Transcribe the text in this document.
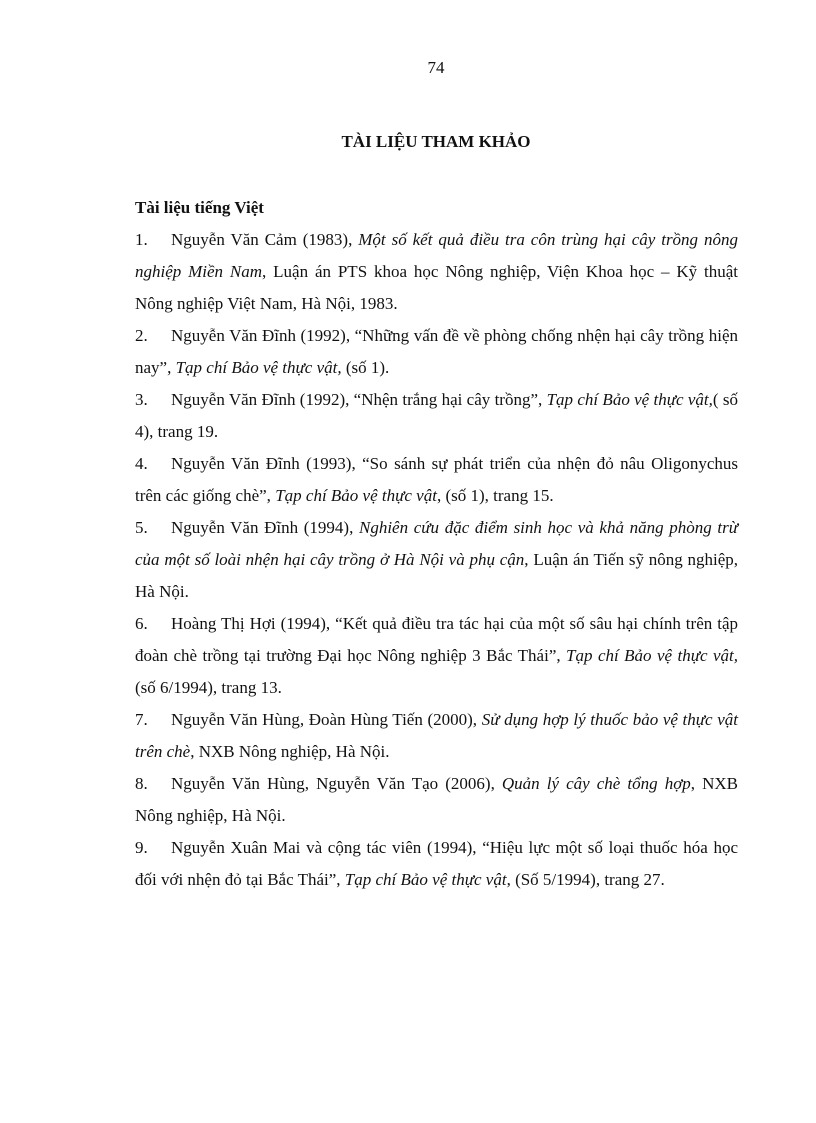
74
TÀI LIỆU THAM KHẢO

Tài liệu tiếng Việt

1. Nguyễn Văn Cảm (1983), Một số kết quả điều tra côn trùng hại cây trồng nông nghiệp Miền Nam, Luận án PTS khoa học Nông nghiệp, Viện Khoa học – Kỹ thuật Nông nghiệp Việt Nam, Hà Nội, 1983.

2. Nguyễn Văn Đĩnh (1992), “Những vấn đề về phòng chống nhện hại cây trồng hiện nay”, Tạp chí Bảo vệ thực vật, (số 1).

3. Nguyễn Văn Đĩnh (1992), “Nhện trắng hại cây trồng”, Tạp chí Bảo vệ thực vật,( số 4), trang 19.

4. Nguyễn Văn Đĩnh (1993), “So sánh sự phát triển của nhện đỏ nâu Oligonychus trên các giống chè”, Tạp chí Bảo vệ thực vật, (số 1), trang 15.

5. Nguyễn Văn Đĩnh (1994), Nghiên cứu đặc điểm sinh học và khả năng phòng trừ của một số loài nhện hại cây trồng ở Hà Nội và phụ cận, Luận án Tiến sỹ nông nghiệp, Hà Nội.

6. Hoàng Thị Hợi (1994), “Kết quả điều tra tác hại của một số sâu hại chính trên tập đoàn chè trồng tại trường Đại học Nông nghiệp 3 Bắc Thái”, Tạp chí Bảo vệ thực vật, (số 6/1994), trang 13.

7. Nguyễn Văn Hùng, Đoàn Hùng Tiến (2000), Sử dụng hợp lý thuốc bảo vệ thực vật trên chè, NXB Nông nghiệp, Hà Nội.

8. Nguyễn Văn Hùng, Nguyễn Văn Tạo (2006), Quản lý cây chè tổng hợp, NXB Nông nghiệp, Hà Nội.

9. Nguyễn Xuân Mai và cộng tác viên (1994), “Hiệu lực một số loại thuốc hóa học đối với nhện đỏ tại Bắc Thái”, Tạp chí Bảo vệ thực vật, (Số 5/1994), trang 27.
